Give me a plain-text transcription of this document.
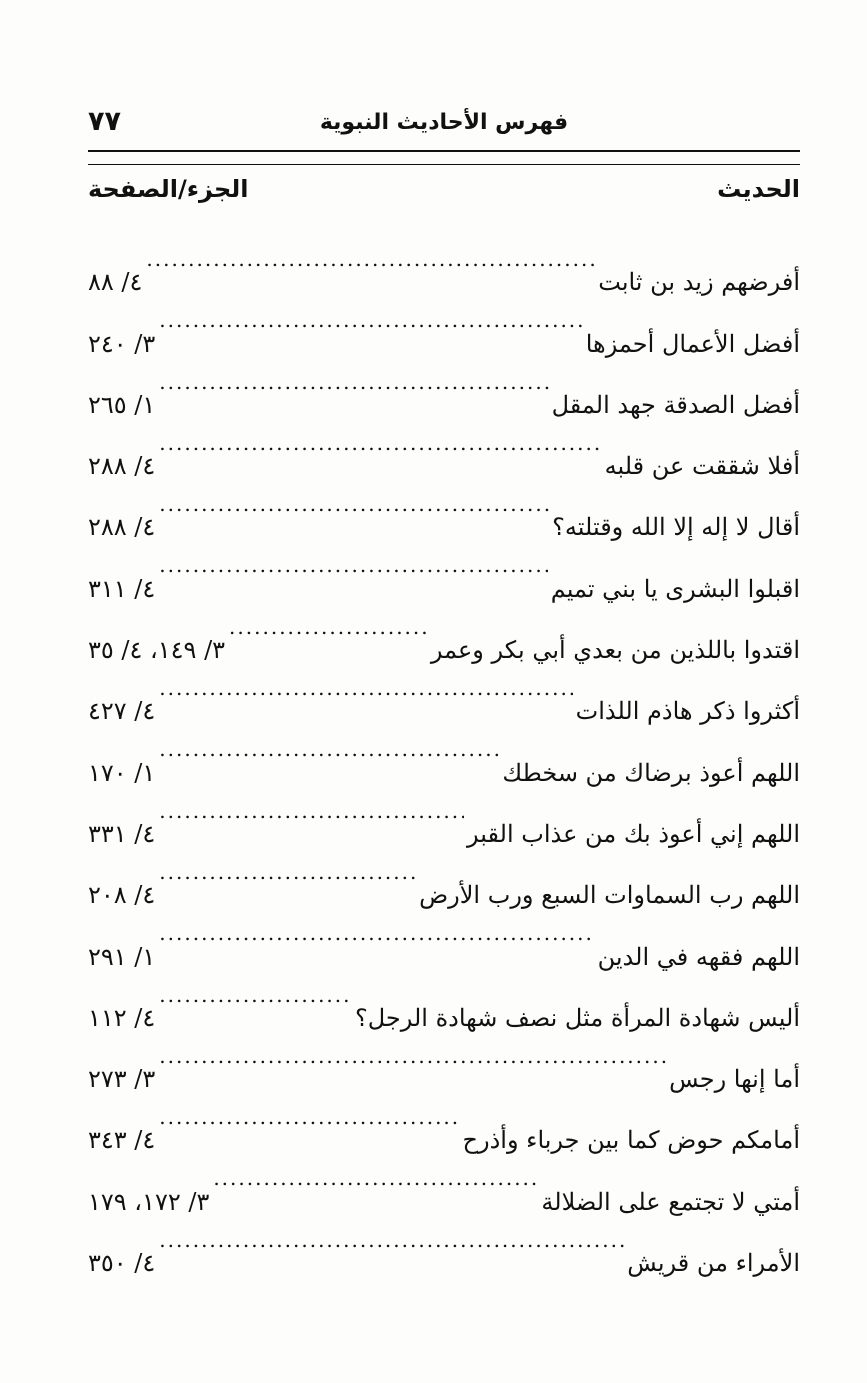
فهرس الأحاديث النبوية
٧٧
الحديث
الجزء/الصفحة
أفرضهم زيد بن ثابت
.....
٤/ ٨٨
أفضل الأعمال أحمزها
.....
٣/ ٢٤٠
أفضل الصدقة جهد المقل
.....
١/ ٢٦٥
أفلا شققت عن قلبه
.....
٤/ ٢٨٨
أقال لا إله إلا الله وقتلته؟
.....
٤/ ٢٨٨
اقبلوا البشرى يا بني تميم
.....
٤/ ٣١١
اقتدوا باللذين من بعدي أبي بكر وعمر
.....
٣/ ١٤٩، ٤/ ٣٥
أكثروا ذكر هاذم اللذات
.....
٤/ ٤٢٧
اللهم أعوذ برضاك من سخطك
.....
١/ ١٧٠
اللهم إني أعوذ بك من عذاب القبر
.....
٤/ ٣٣١
اللهم رب السماوات السبع ورب الأرض
.....
٤/ ٢٠٨
اللهم فقهه في الدين
.....
١/ ٢٩١
أليس شهادة المرأة مثل نصف شهادة الرجل؟
.....
٤/ ١١٢
أما إنها رجس
.....
٣/ ٢٧٣
أمامكم حوض كما بين جرباء وأذرح
.....
٤/ ٣٤٣
أمتي لا تجتمع على الضلالة
.....
٣/ ١٧٢، ١٧٩
الأمراء من قريش
.....
٤/ ٣٥٠
